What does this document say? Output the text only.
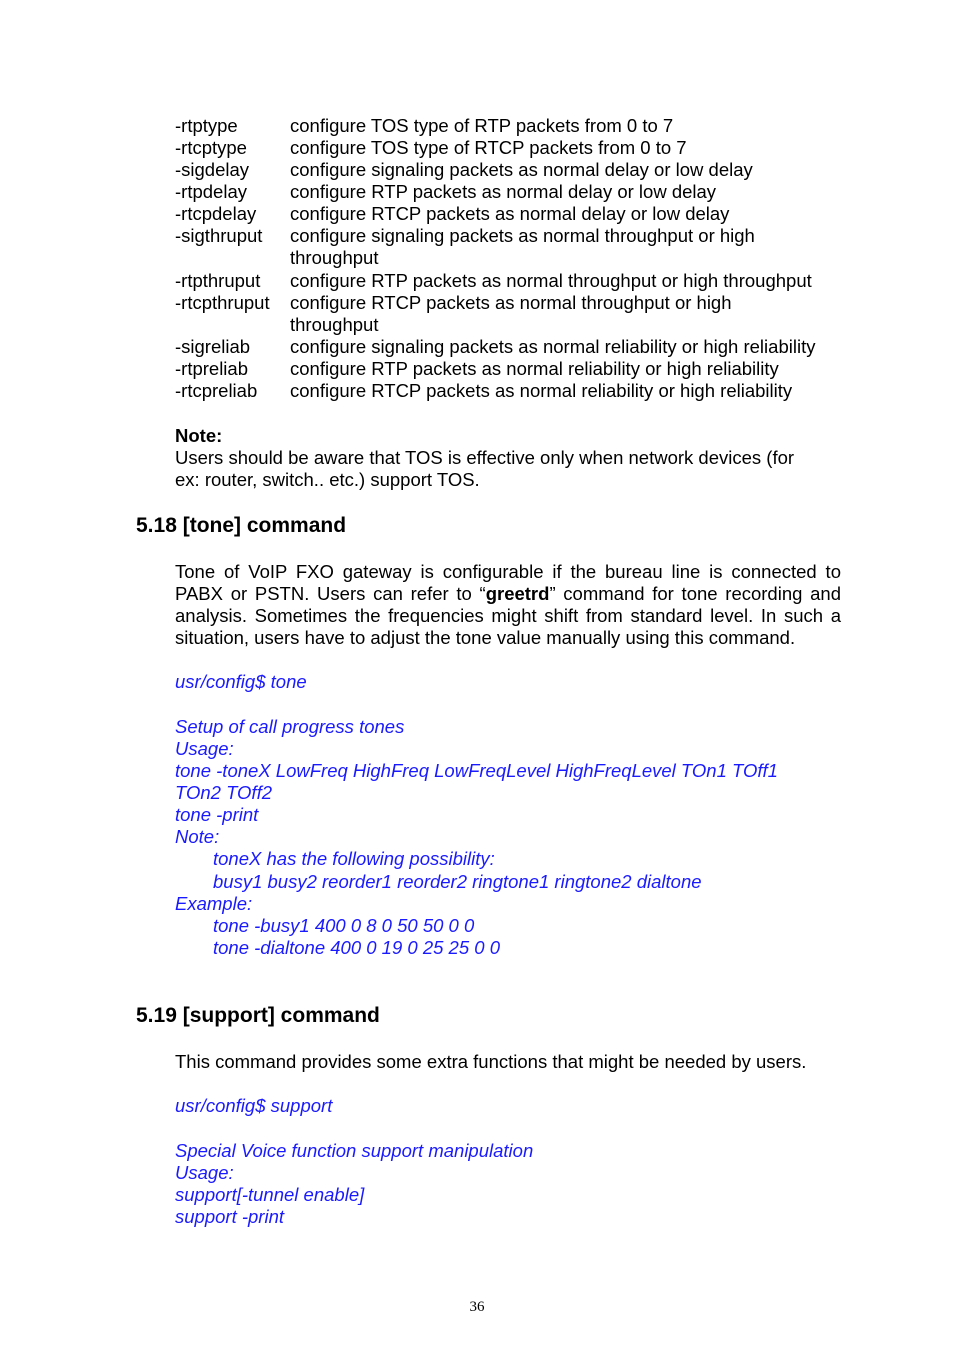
-rtptype	configure TOS type of RTP packets from 0 to 7
-rtcptype configure TOS type of RTCP packets from 0 to 7
-sigdelay configure signaling packets as normal delay or low delay
-rtpdelay configure RTP packets as normal delay or low delay
-rtcpdelay configure RTCP packets as normal delay or low delay
-sigthruput configure signaling packets as normal throughput or high throughput
-rtpthruput configure RTP packets as normal throughput or high throughput
-rtcpthruput configure RTCP packets as normal throughput or high throughput
-sigreliab configure signaling packets as normal reliability or high reliability
-rtpreliab configure RTP packets as normal reliability or high reliability
-rtcpreliab configure RTCP packets as normal reliability or high reliability
Note:
Users should be aware that TOS is effective only when network devices (for
ex: router, switch.. etc.) support TOS.
5.18 [tone] command
Tone of VoIP FXO gateway is configurable if the bureau line is connected to
PABX or PSTN. Users can refer to “greetrd” command for tone recording and
analysis. Sometimes the frequencies might shift from standard level. In such a
situation, users have to adjust the tone value manually using this command.
usr/config$ tone
Setup of call progress tones
Usage:
tone -toneX LowFreq HighFreq LowFreqLevel HighFreqLevel TOn1 TOff1
TOn2 TOff2
tone -print
Note:
toneX has the following possibility:
busy1 busy2 reorder1 reorder2 ringtone1 ringtone2 dialtone
Example:
tone -busy1 400 0 8 0 50 50 0 0
tone -dialtone 400 0 19 0 25 25 0 0
5.19 [support] command
This command provides some extra functions that might be needed by users.
usr/config$ support
Special Voice function support manipulation
Usage:
support[-tunnel enable]
support -print
36
